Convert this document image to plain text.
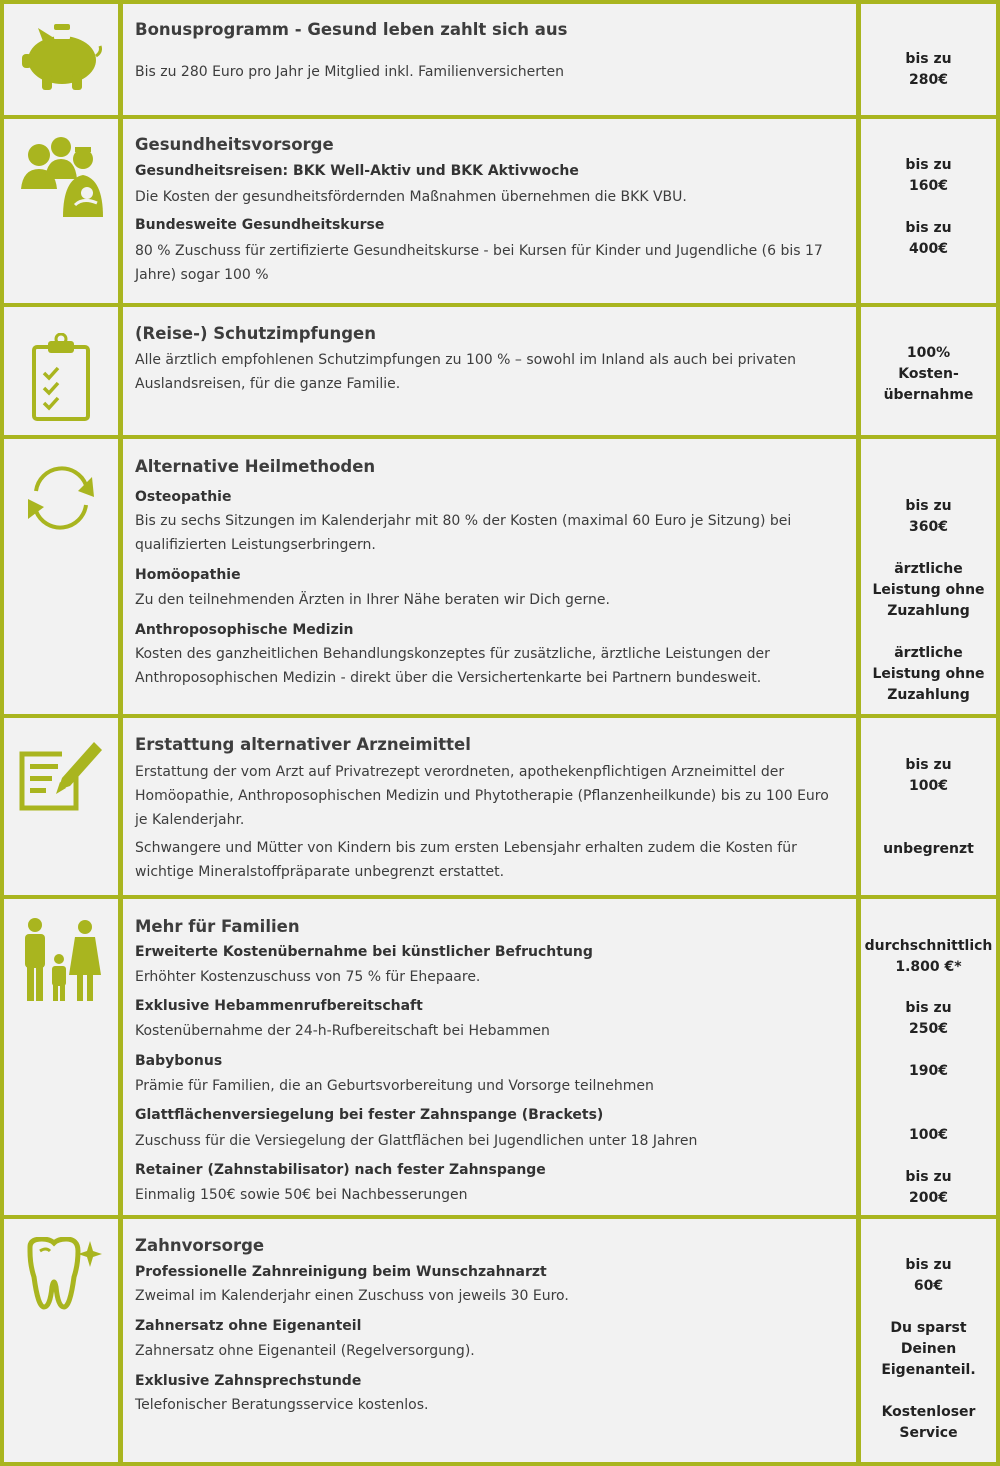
Bonusprogramm - Gesund leben zahlt sich aus
Bis zu 280 Euro pro Jahr je Mitglied inkl. Familienversicherten
bis zu
280€
Gesundheitsvorsorge
Gesundheitsreisen: BKK Well-Aktiv und BKK Aktivwoche
Die Kosten der gesundheitsfördernden Maßnahmen übernehmen die BKK VBU.
Bundesweite Gesundheitskurse
80 % Zuschuss für zertifizierte Gesundheitskurse - bei Kursen für Kinder und Jugendliche (6 bis 17 Jahre) sogar 100 %
bis zu
160€
bis zu
400€
(Reise-) Schutzimpfungen
Alle ärztlich empfohlenen Schutzimpfungen zu 100 % – sowohl im Inland als auch bei privaten Auslandsreisen, für die ganze Familie.
100%
Kosten-
übernahme
Alternative Heilmethoden
Osteopathie
Bis zu sechs Sitzungen im Kalenderjahr mit 80 % der Kosten (maximal 60 Euro je Sitzung) bei qualifizierten Leistungserbringern.
Homöopathie
Zu den teilnehmenden Ärzten in Ihrer Nähe beraten wir Dich gerne.
Anthroposophische Medizin
Kosten des ganzheitlichen Behandlungskonzeptes für zusätzliche, ärztliche Leistungen der Anthroposophischen Medizin - direkt über die Versichertenkarte bei Partnern bundesweit.
bis zu
360€
ärztliche
Leistung ohne
Zuzahlung
ärztliche
Leistung ohne
Zuzahlung
Erstattung alternativer Arzneimittel
Erstattung der vom Arzt auf Privatrezept verordneten, apothekenpflichtigen Arzneimittel der Homöopathie, Anthroposophischen Medizin und Phytotherapie (Pflanzenheilkunde) bis zu 100 Euro je Kalenderjahr.
Schwangere und Mütter von Kindern bis zum ersten Lebensjahr erhalten zudem die Kosten für wichtige Mineralstoffpräparate unbegrenzt erstattet.
bis zu
100€
unbegrenzt
Mehr für Familien
Erweiterte Kostenübernahme bei künstlicher Befruchtung
Erhöhter Kostenzuschuss von 75 % für Ehepaare.
Exklusive Hebammenrufbereitschaft
Kostenübernahme der 24-h-Rufbereitschaft bei Hebammen
Babybonus
Prämie für Familien, die an Geburtsvorbereitung und Vorsorge teilnehmen
Glattflächenversiegelung bei fester Zahnspange (Brackets)
Zuschuss für die Versiegelung der Glattflächen bei Jugendlichen unter 18 Jahren
Retainer (Zahnstabilisator) nach fester Zahnspange
Einmalig 150€ sowie 50€ bei Nachbesserungen
durchschnittlich
1.800 €*
bis zu
250€
190€
100€
bis zu
200€
Zahnvorsorge
Professionelle Zahnreinigung beim Wunschzahnarzt
Zweimal im Kalenderjahr einen Zuschuss von jeweils 30 Euro.
Zahnersatz ohne Eigenanteil
Zahnersatz ohne Eigenanteil (Regelversorgung).
Exklusive Zahnsprechstunde
Telefonischer Beratungsservice kostenlos.
bis zu
60€
Du sparst
Deinen
Eigenanteil.
Kostenloser
Service
